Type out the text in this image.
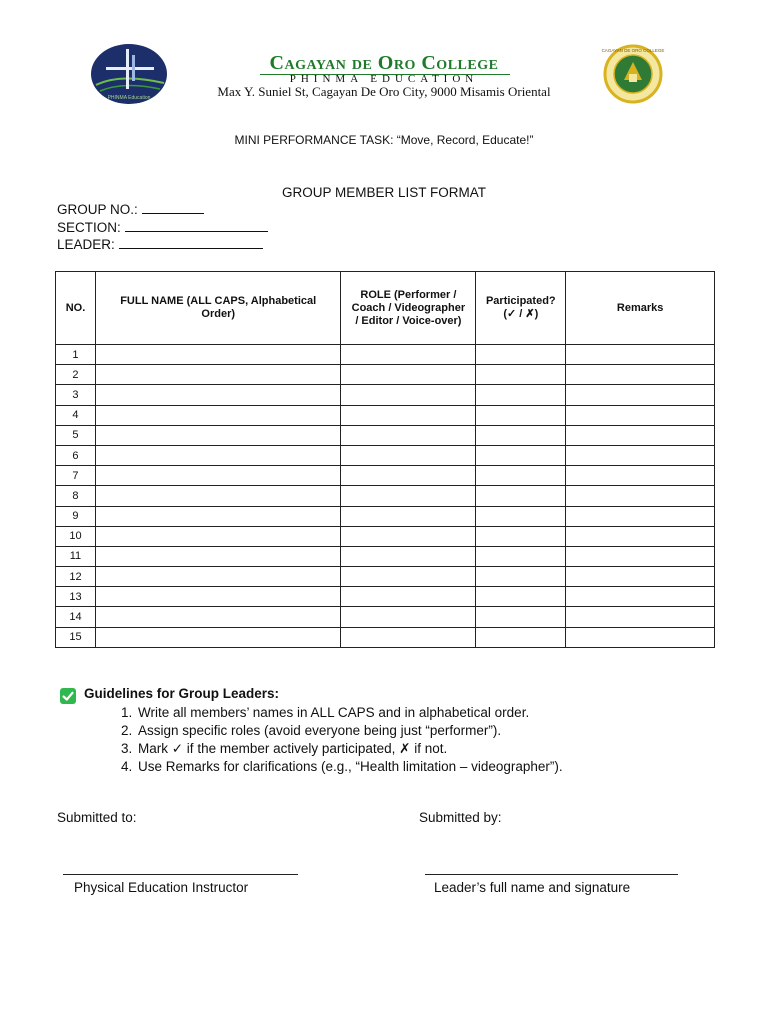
PHINMA Education
Cagayan de Oro College
PHINMA EDUCATION
Max Y. Suniel St, Cagayan De Oro City, 9000 Misamis Oriental
CAGAYAN DE ORO COLLEGE
MINI PERFORMANCE TASK: “Move, Record, Educate!”
GROUP MEMBER LIST FORMAT
GROUP NO.:
SECTION:
LEADER:
NO.	FULL NAME (ALL CAPS, Alphabetical Order)	ROLE (Performer / Coach / Videographer / Editor / Voice-over)	Participated? (✓ / ✗)	Remarks
1				
2				
3				
4				
5				
6				
7				
8				
9				
10				
11				
12				
13				
14				
15				
Guidelines for Group Leaders:
1. Write all members’ names in ALL CAPS and in alphabetical order.
2. Assign specific roles (avoid everyone being just “performer”).
3. Mark ✓ if the member actively participated, ✗ if not.
4. Use Remarks for clarifications (e.g., “Health limitation – videographer”).
Submitted to:	Submitted by:
Physical Education Instructor	Leader’s full name and signature
